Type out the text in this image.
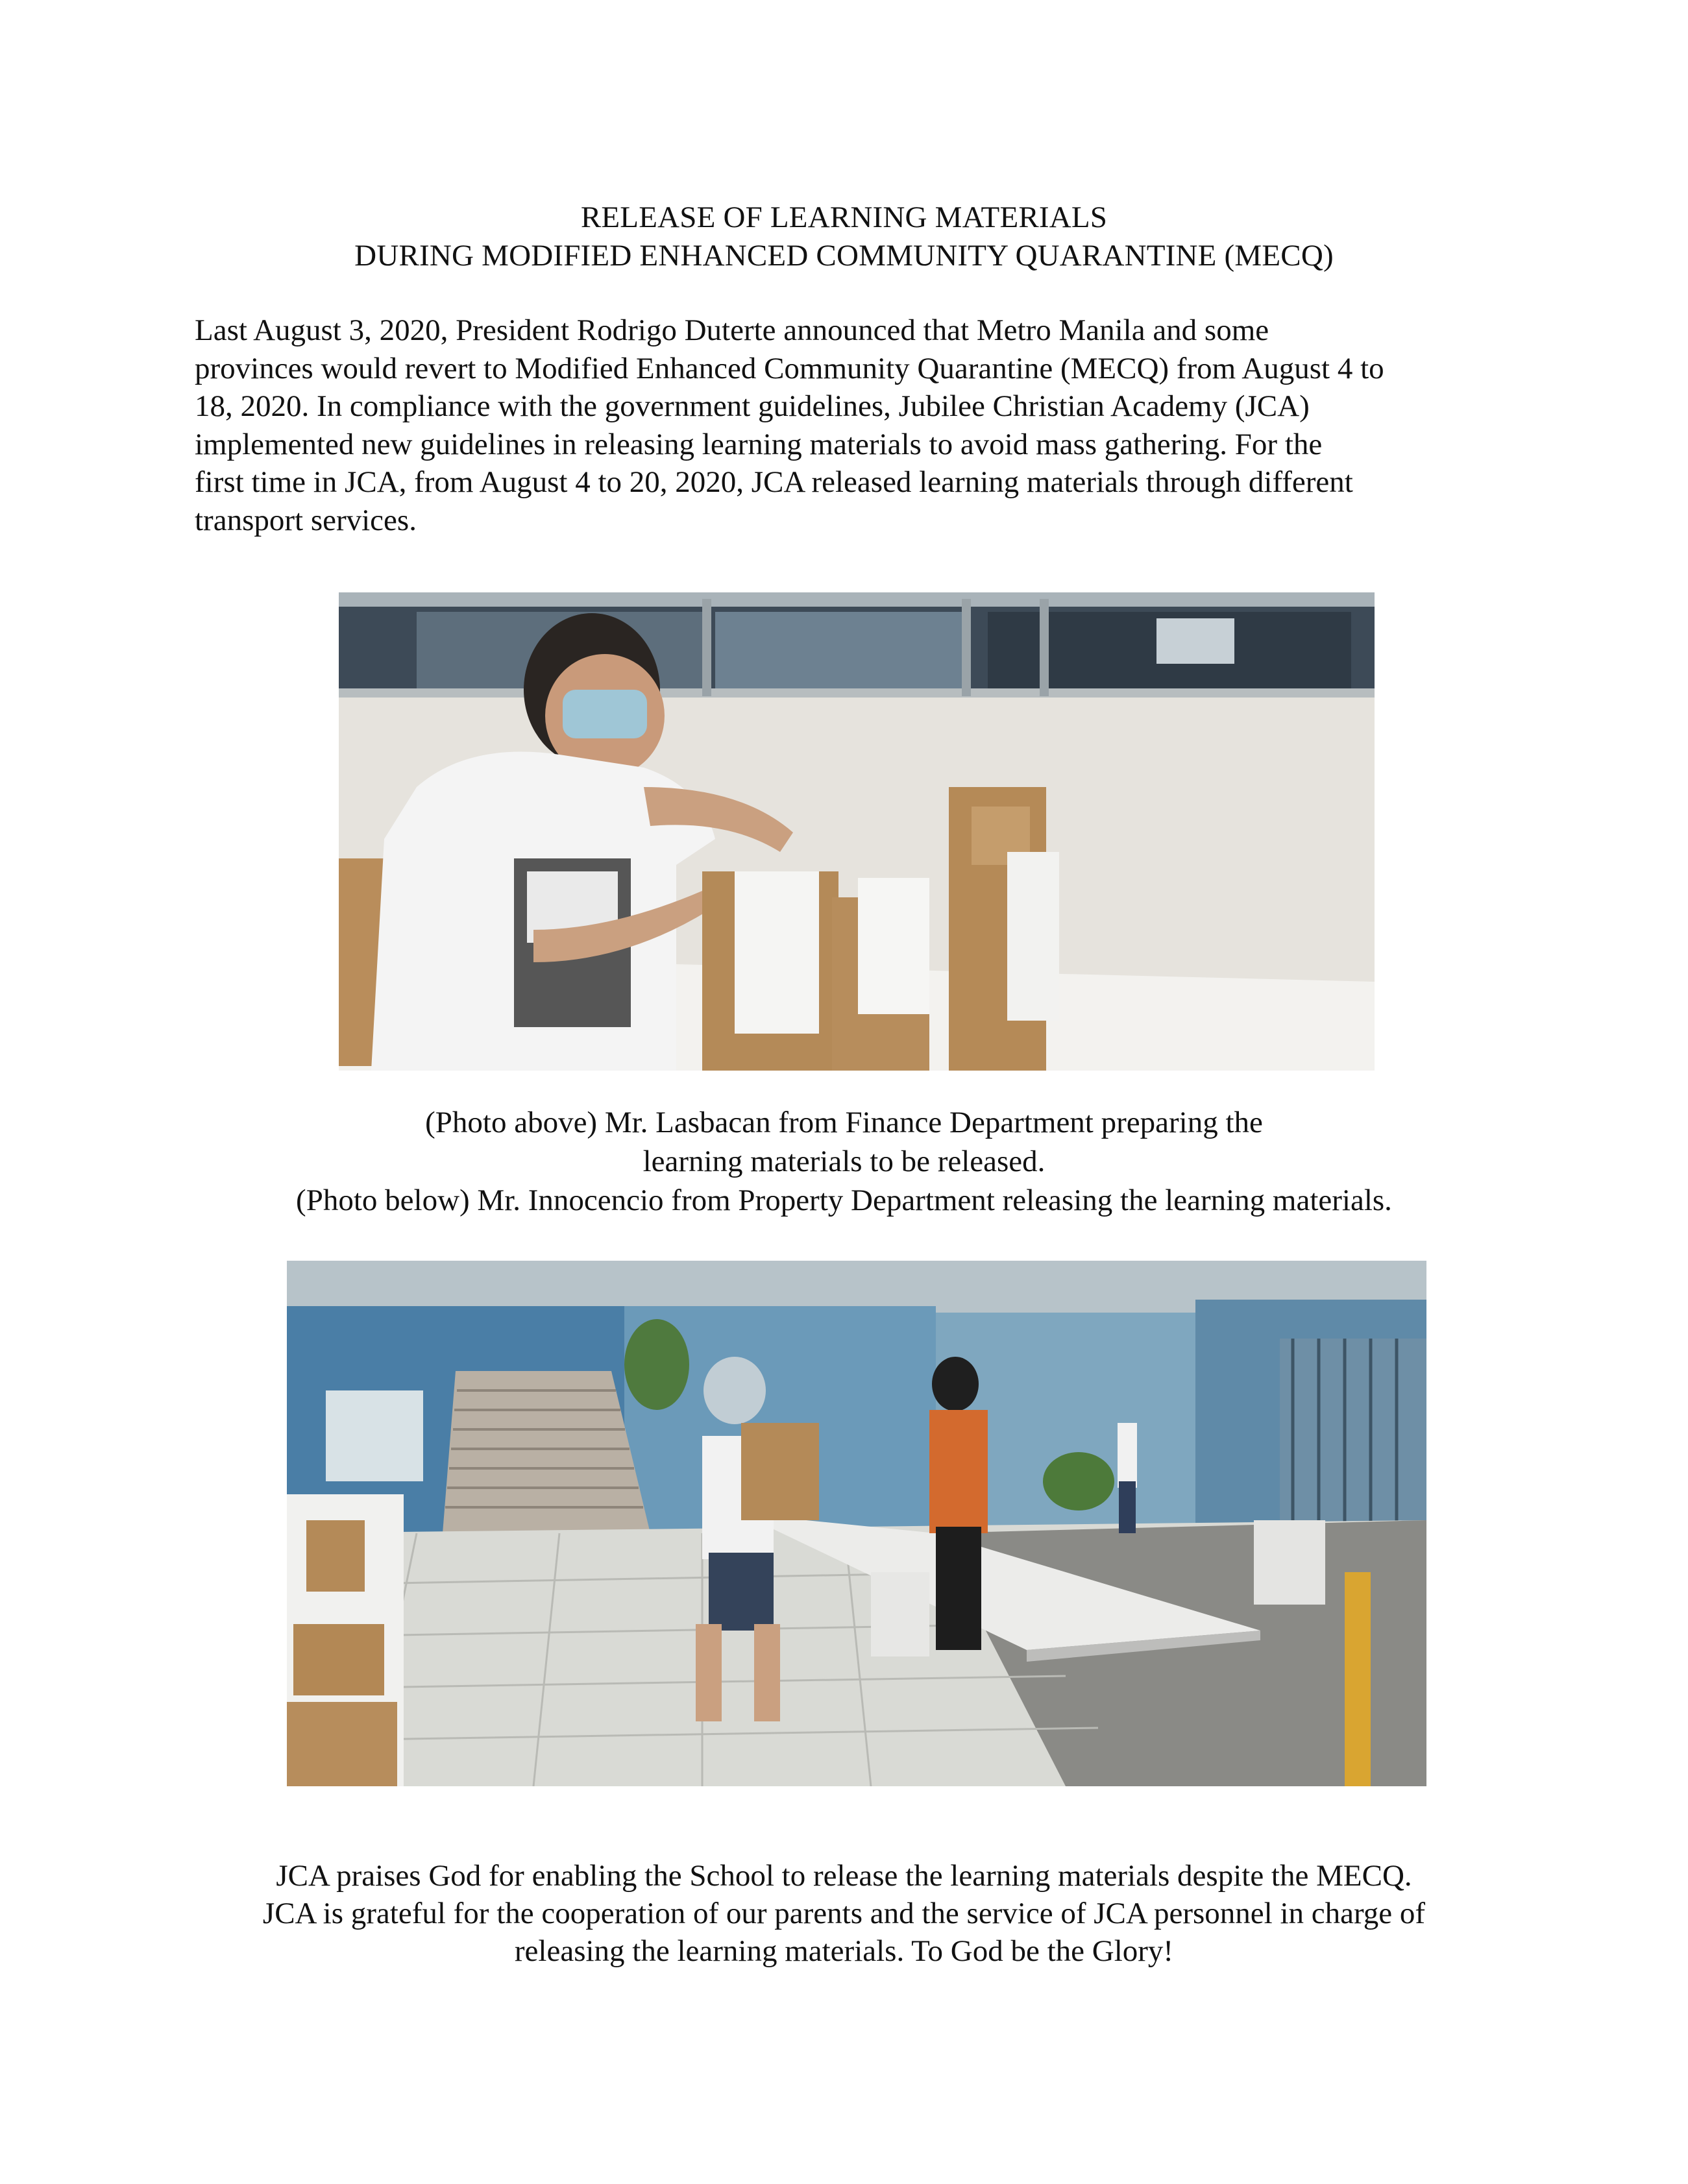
RELEASE OF LEARNING MATERIALS
DURING MODIFIED ENHANCED COMMUNITY QUARANTINE (MECQ)
Last August 3, 2020, President Rodrigo Duterte announced that Metro Manila and some
provinces would revert to Modified Enhanced Community Quarantine (MECQ) from August 4 to
18, 2020. In compliance with the government guidelines, Jubilee Christian Academy (JCA)
implemented new guidelines in releasing learning materials to avoid mass gathering. For the
first time in JCA, from August 4 to 20, 2020, JCA released learning materials through different
transport services.
(Photo above) Mr. Lasbacan from Finance Department preparing the
learning materials to be released.
(Photo below) Mr. Innocencio from Property Department releasing the learning materials.
JCA praises God for enabling the School to release the learning materials despite the MECQ.
JCA is grateful for the cooperation of our parents and the service of JCA personnel in charge of
releasing the learning materials. To God be the Glory!
